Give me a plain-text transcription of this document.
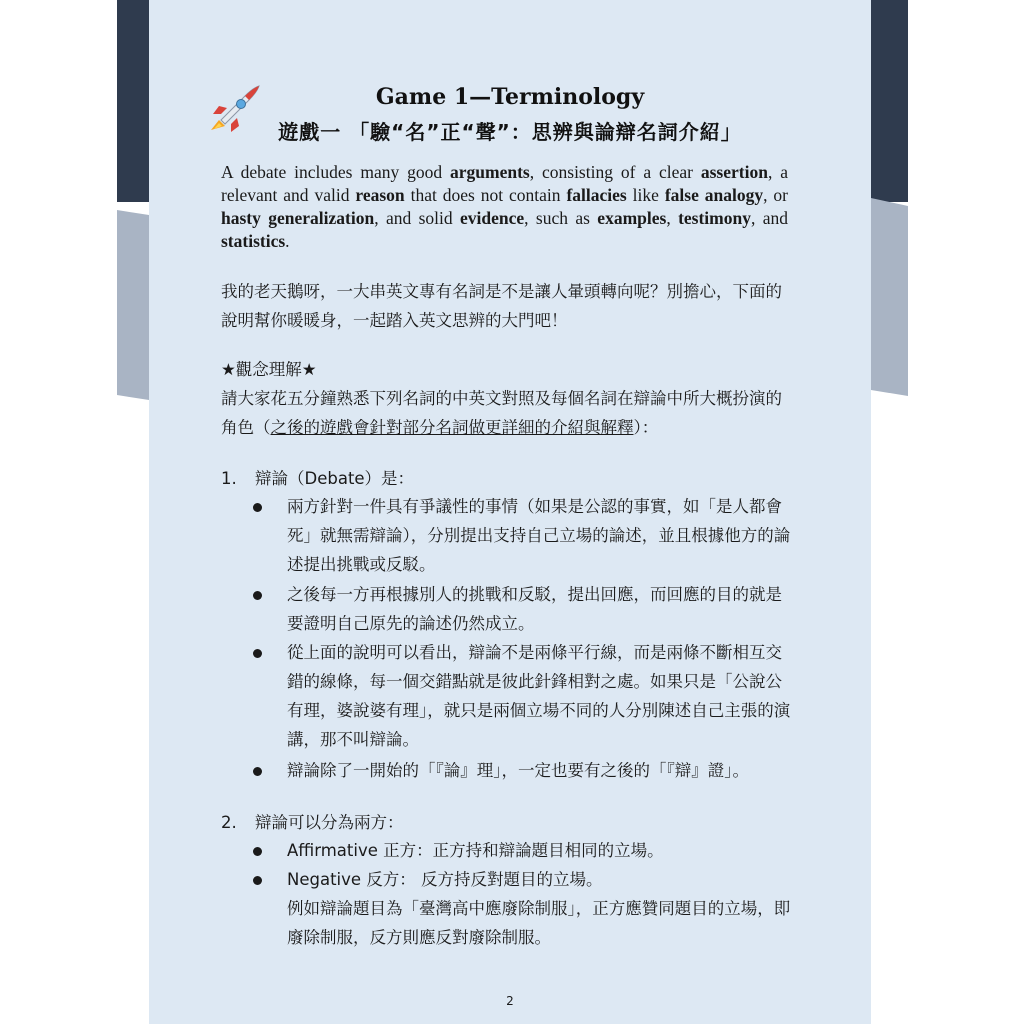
Game 1—Terminology
遊戲一 「驗“名”正“聲”：思辨與論辯名詞介紹」
A debate includes many good arguments, consisting of a clear assertion, a relevant and valid reason that does not contain fallacies like false analogy, or hasty generalization, and solid evidence, such as examples, testimony, and statistics.
我的老天鵝呀，一大串英文專有名詞是不是讓人暈頭轉向呢？別擔心，下面的說明幫你暖暖身，一起踏入英文思辨的大門吧！
★觀念理解★
請大家花五分鐘熟悉下列名詞的中英文對照及每個名詞在辯論中所大概扮演的角色（之後的遊戲會針對部分名詞做更詳細的介紹與解釋）：
1. 辯論（Debate）是：
兩方針對一件具有爭議性的事情（如果是公認的事實，如「是人都會死」就無需辯論），分別提出支持自己立場的論述，並且根據他方的論述提出挑戰或反駁。
之後每一方再根據別人的挑戰和反駁，提出回應，而回應的目的就是要證明自己原先的論述仍然成立。
從上面的說明可以看出，辯論不是兩條平行線，而是兩條不斷相互交錯的線條，每一個交錯點就是彼此針鋒相對之處。如果只是「公說公有理，婆說婆有理」，就只是兩個立場不同的人分別陳述自己主張的演講，那不叫辯論。
辯論除了一開始的「『論』理」，一定也要有之後的「『辯』證」。
2. 辯論可以分為兩方：
Affirmative 正方：正方持和辯論題目相同的立場。
Negative 反方： 反方持反對題目的立場。
例如辯論題目為「臺灣高中應廢除制服」，正方應贊同題目的立場，即廢除制服，反方則應反對廢除制服。
2
